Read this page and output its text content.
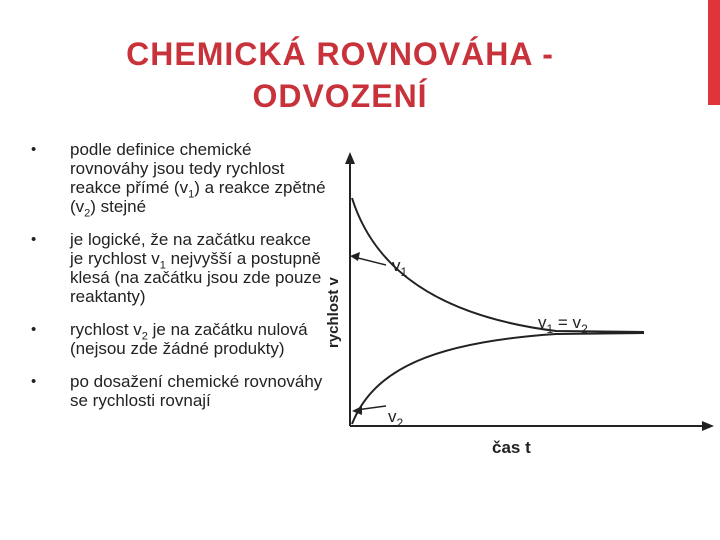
CHEMICKÁ ROVNOVÁHA -
ODVOZENÍ
• podle definice chemické rovnováhy jsou tedy rychlost reakce přímé $(v_1)$ a reakce zpětné $(v_2)$ stejné
• je logické, že na začátku reakce je rychlost $v_1$ nejvyšší a postupně klesá (na začátku jsou zde pouze reaktanty)
• rychlost $v_2$ je na začátku nulová (nejsou zde žádné produkty)
• po dosažení chemické rovnováhy se rychlosti rovnají
rychlost v
čas t
$v_1$
$v_2$
$v_1 = v_2$
